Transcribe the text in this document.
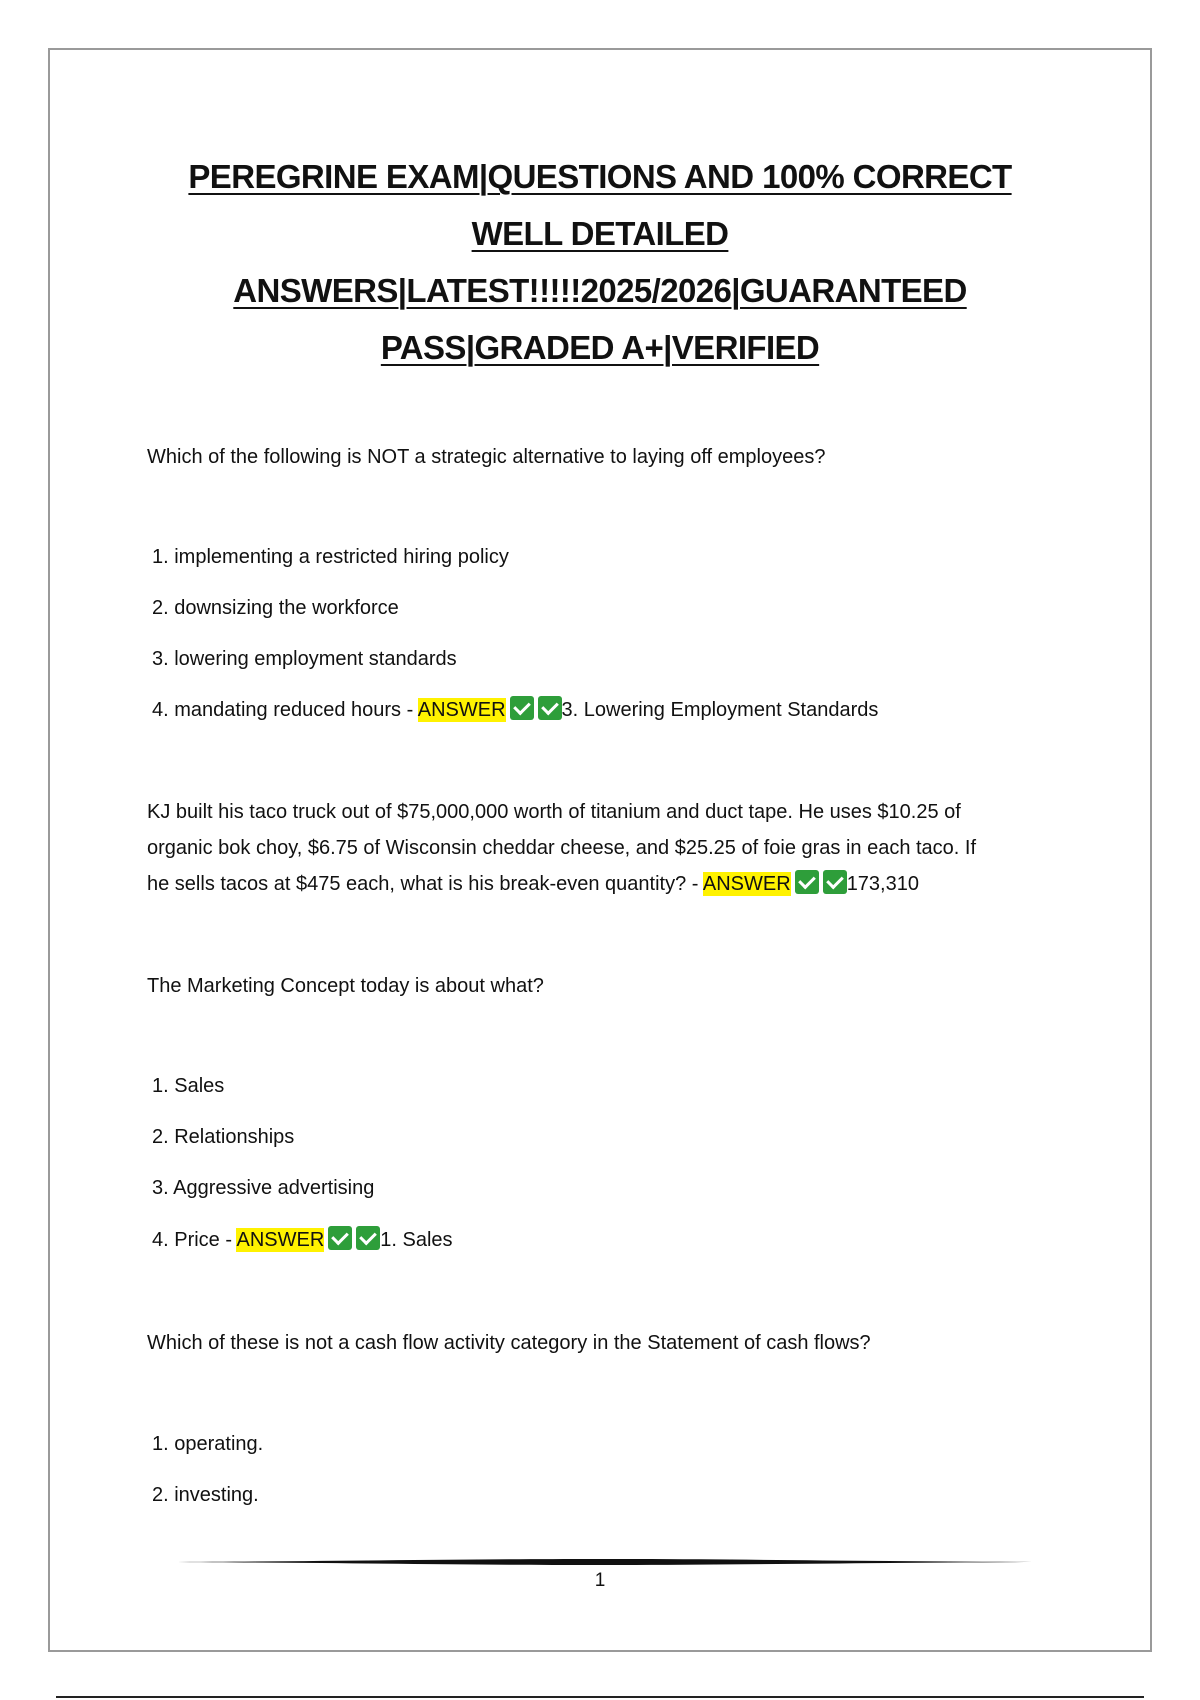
PEREGRINE EXAM|QUESTIONS AND 100% CORRECT
WELL DETAILED
ANSWERS|LATEST!!!!!2025/2026|GUARANTEED
PASS|GRADED A+|VERIFIED
Which of the following is NOT a strategic alternative to laying off employees?
1. implementing a restricted hiring policy
2. downsizing the workforce
3. lowering employment standards
4. mandating reduced hours - ANSWER	3. Lowering Employment Standards
KJ built his taco truck out of $75,000,000 worth of titanium and duct tape. He uses $10.25 of
organic bok choy, $6.75 of Wisconsin cheddar cheese, and $25.25 of foie gras in each taco. If
he sells tacos at $475 each, what is his break-even quantity? - ANSWER	173,310
The Marketing Concept today is about what?
1. Sales
2. Relationships
3. Aggressive advertising
4. Price - ANSWER	1. Sales
Which of these is not a cash flow activity category in the Statement of cash flows?
1. operating.
2. investing.
1
